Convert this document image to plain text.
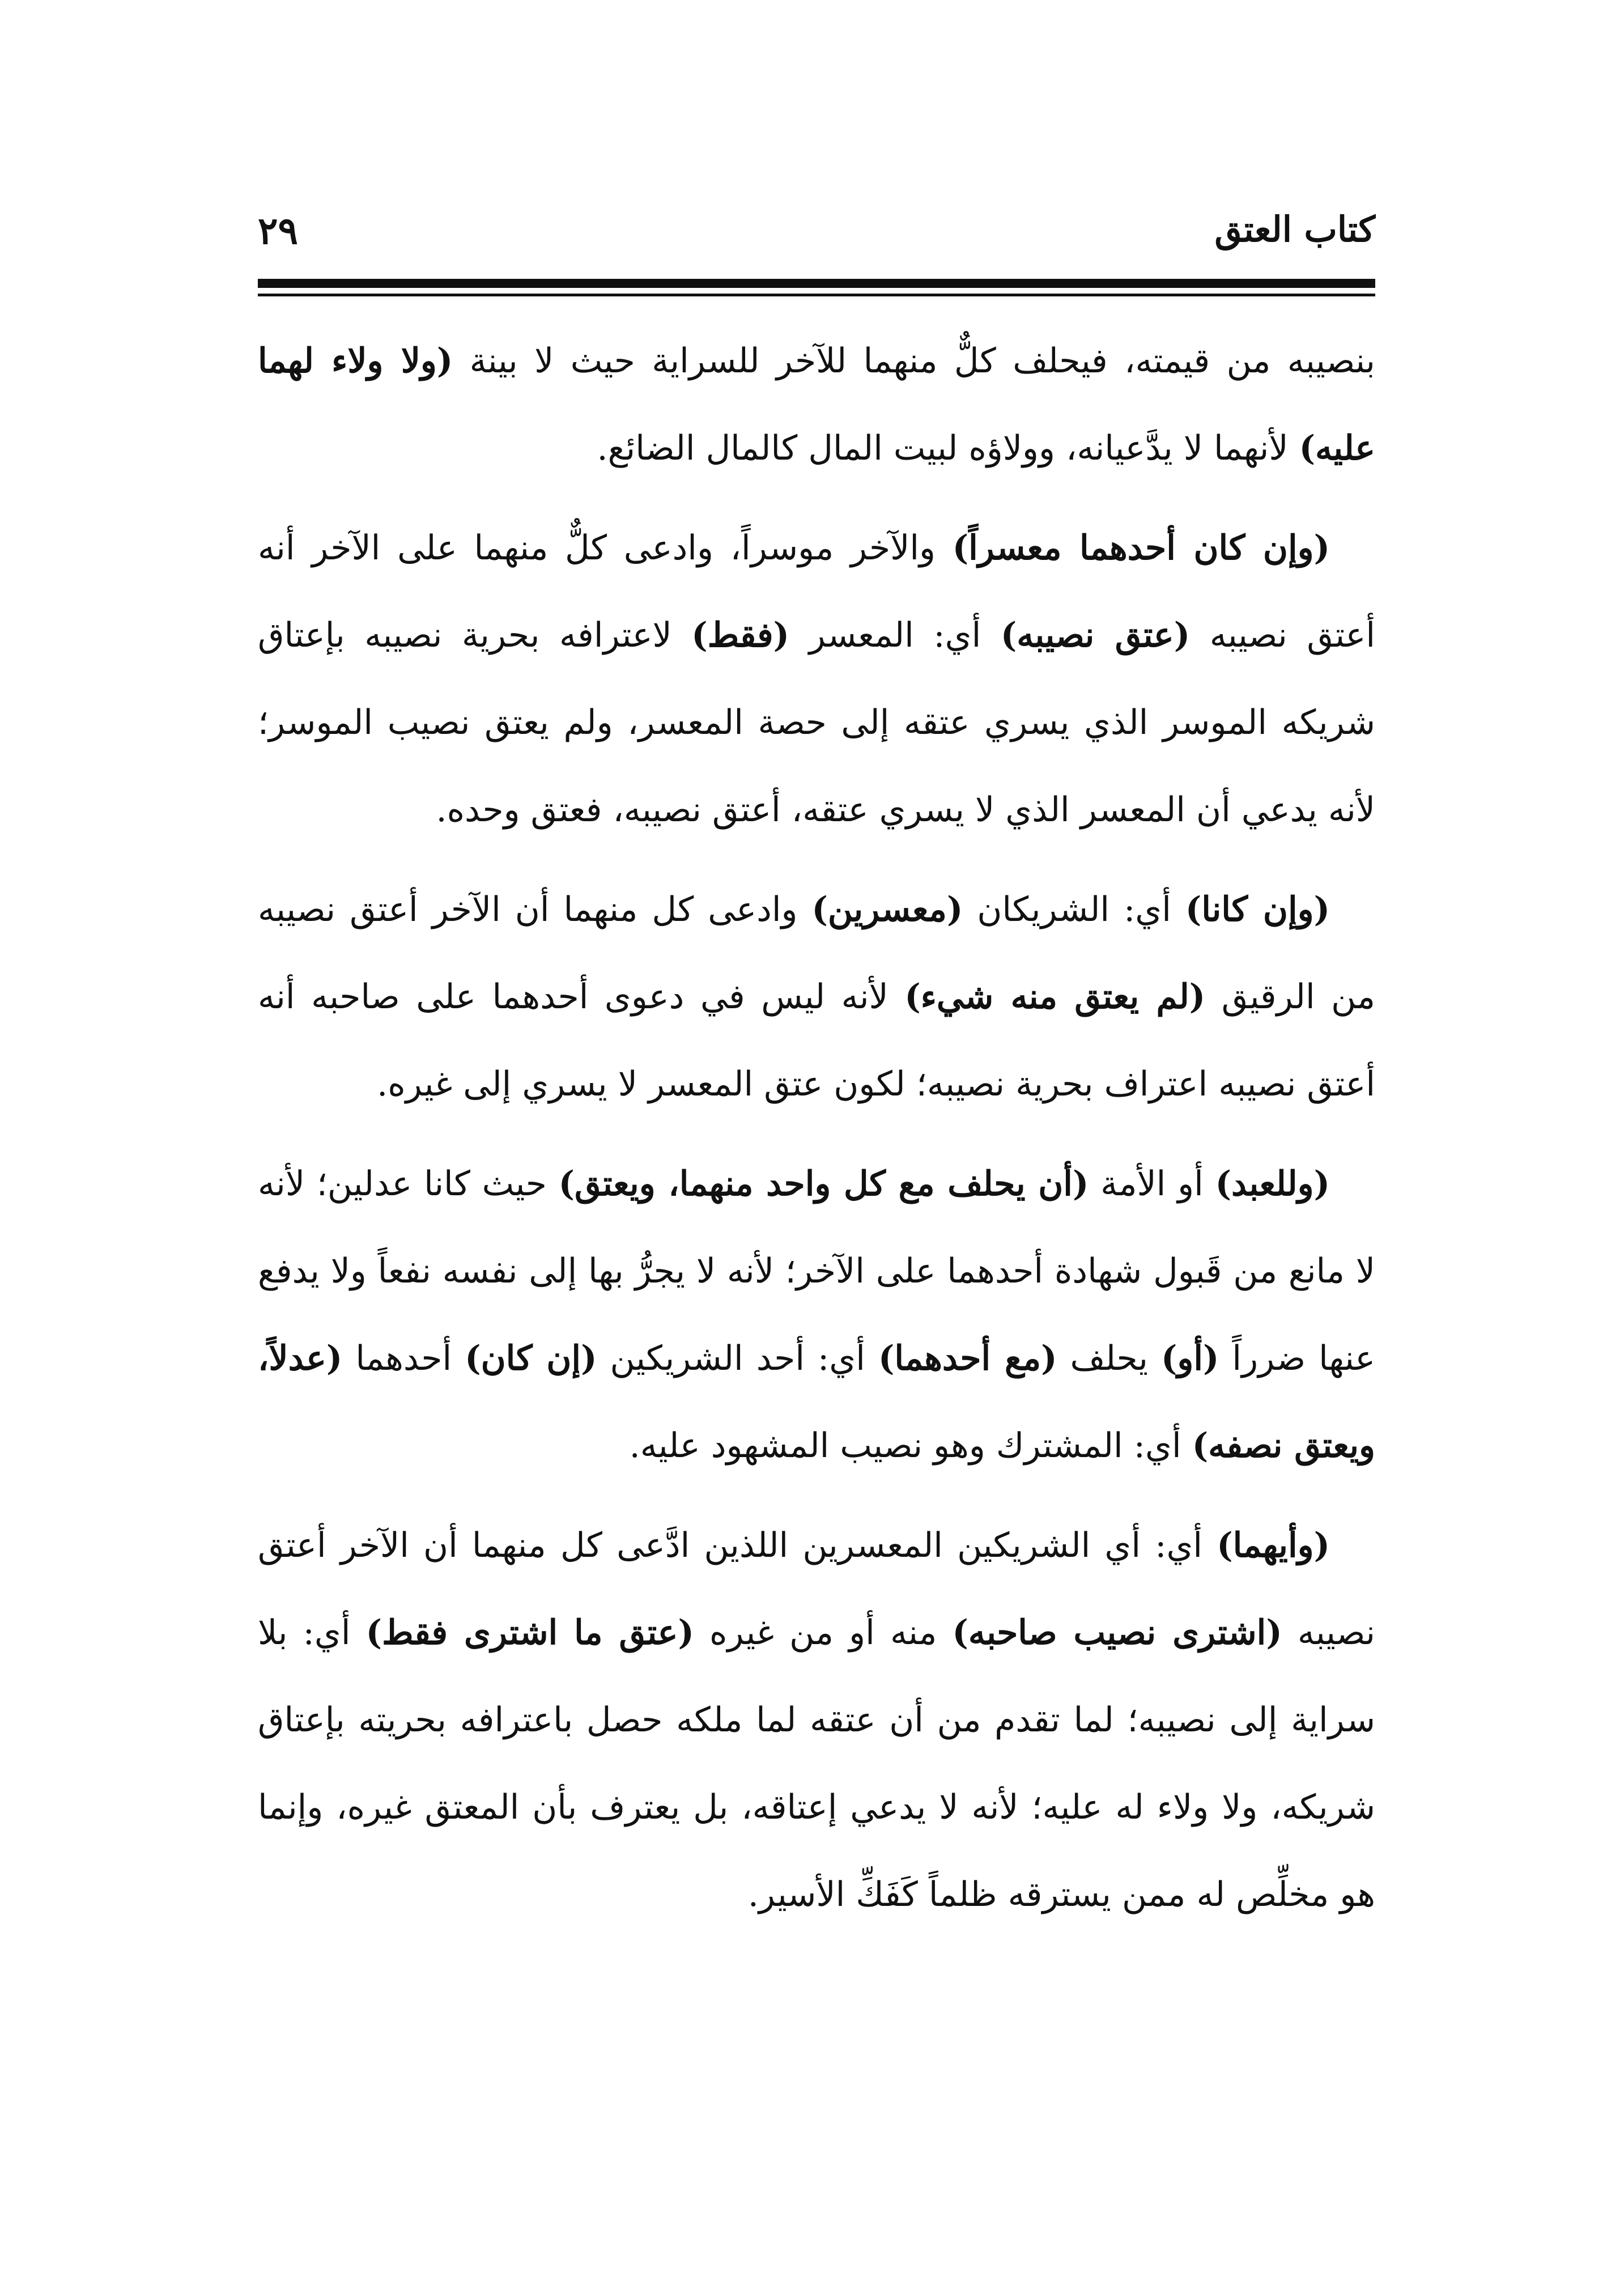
كتاب العتق
٢٩

بنصيبه من قيمته، فيحلف كلٌّ منهما للآخر للسراية حيث لا بينة (ولا ولاء لهما عليه) لأنهما لا يدَّعيانه، وولاؤه لبيت المال كالمال الضائع.

(وإن كان أحدهما معسراً) والآخر موسراً، وادعى كلٌّ منهما على الآخر أنه أعتق نصيبه (عتق نصيبه) أي: المعسر (فقط) لاعترافه بحرية نصيبه بإعتاق شريكه الموسر الذي يسري عتقه إلى حصة المعسر، ولم يعتق نصيب الموسر؛ لأنه يدعي أن المعسر الذي لا يسري عتقه، أعتق نصيبه، فعتق وحده.

(وإن كانا) أي: الشريكان (معسرين) وادعى كل منهما أن الآخر أعتق نصيبه من الرقيق (لم يعتق منه شيء) لأنه ليس في دعوى أحدهما على صاحبه أنه أعتق نصيبه اعتراف بحرية نصيبه؛ لكون عتق المعسر لا يسري إلى غيره.

(وللعبد) أو الأمة (أن يحلف مع كل واحد منهما، ويعتق) حيث كانا عدلين؛ لأنه لا مانع من قَبول شهادة أحدهما على الآخر؛ لأنه لا يجرُّ بها إلى نفسه نفعاً ولا يدفع عنها ضرراً (أو) يحلف (مع أحدهما) أي: أحد الشريكين (إن كان) أحدهما (عدلاً، ويعتق نصفه) أي: المشترك وهو نصيب المشهود عليه.

(وأيهما) أي: أي الشريكين المعسرين اللذين ادَّعى كل منهما أن الآخر أعتق نصيبه (اشترى نصيب صاحبه) منه أو من غيره (عتق ما اشترى فقط) أي: بلا سراية إلى نصيبه؛ لما تقدم من أن عتقه لما ملكه حصل باعترافه بحريته بإعتاق شريكه، ولا ولاء له عليه؛ لأنه لا يدعي إعتاقه، بل يعترف بأن المعتق غيره، وإنما هو مخلِّص له ممن يسترقه ظلماً كَفَكِّ الأسير.
